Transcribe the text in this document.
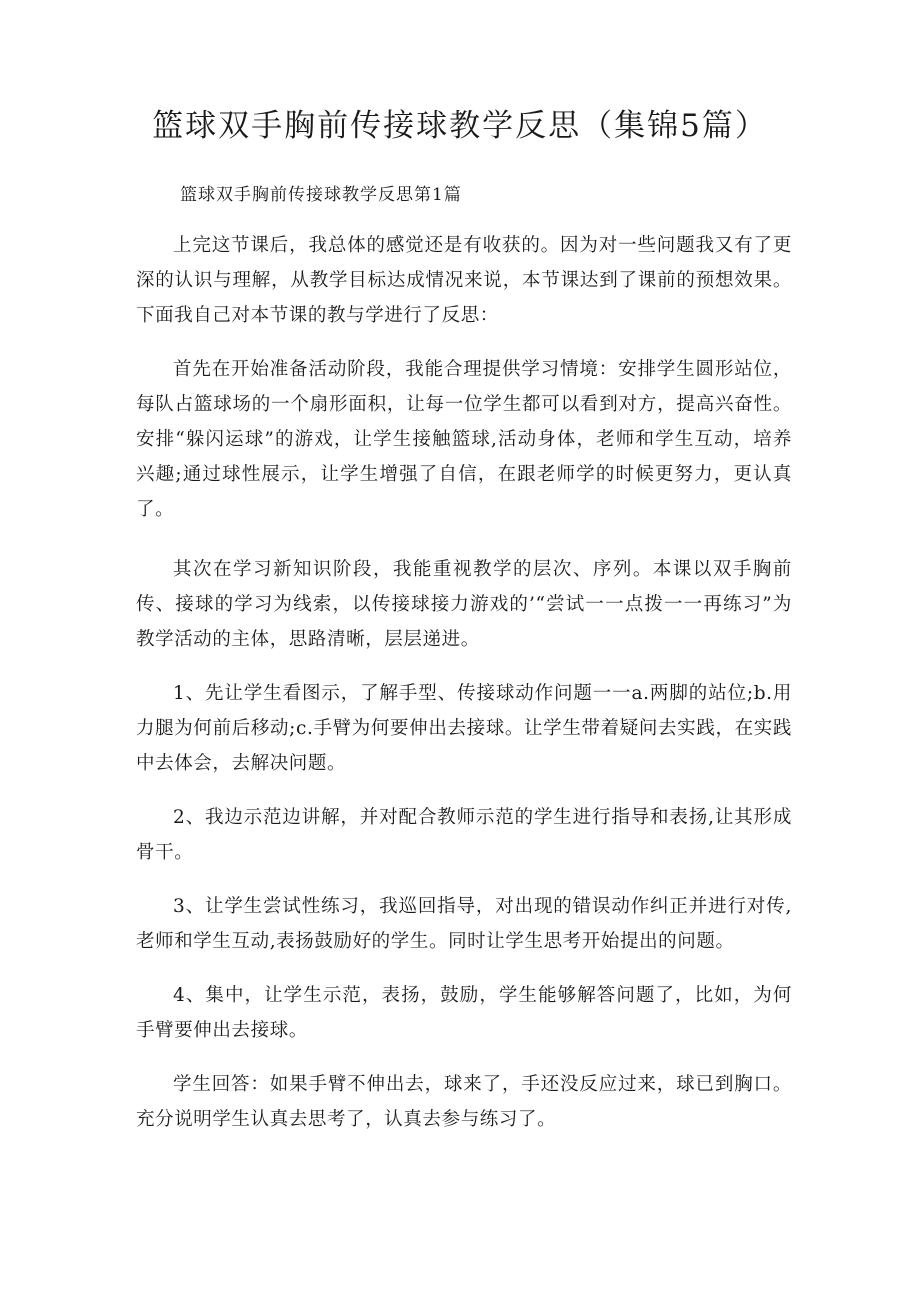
篮球双手胸前传接球教学反思（集锦5篇）
篮球双手胸前传接球教学反思第1篇

上完这节课后，我总体的感觉还是有收获的。因为对一些问题我又有了更深的认识与理解，从教学目标达成情况来说，本节课达到了课前的预想效果。下面我自己对本节课的教与学进行了反思：

首先在开始准备活动阶段，我能合理提供学习情境：安排学生圆形站位，每队占篮球场的一个扇形面积，让每一位学生都可以看到对方，提高兴奋性。安排“躲闪运球”的游戏，让学生接触篮球,活动身体，老师和学生互动，培养兴趣;通过球性展示，让学生增强了自信，在跟老师学的时候更努力，更认真了。

其次在学习新知识阶段，我能重视教学的层次、序列。本课以双手胸前传、接球的学习为线索，以传接球接力游戏的’“尝试一一点拨一一再练习”为教学活动的主体，思路清晰，层层递进。

1、先让学生看图示，了解手型、传接球动作问题一一a.两脚的站位;b.用力腿为何前后移动;c.手臂为何要伸出去接球。让学生带着疑问去实践，在实践中去体会，去解决问题。

2、我边示范边讲解，并对配合教师示范的学生进行指导和表扬,让其形成骨干。

3、让学生尝试性练习，我巡回指导，对出现的错误动作纠正并进行对传,老师和学生互动,表扬鼓励好的学生。同时让学生思考开始提出的问题。

4、集中，让学生示范，表扬，鼓励，学生能够解答问题了，比如，为何手臂要伸出去接球。

学生回答：如果手臂不伸出去，球来了，手还没反应过来，球已到胸口。充分说明学生认真去思考了，认真去参与练习了。
